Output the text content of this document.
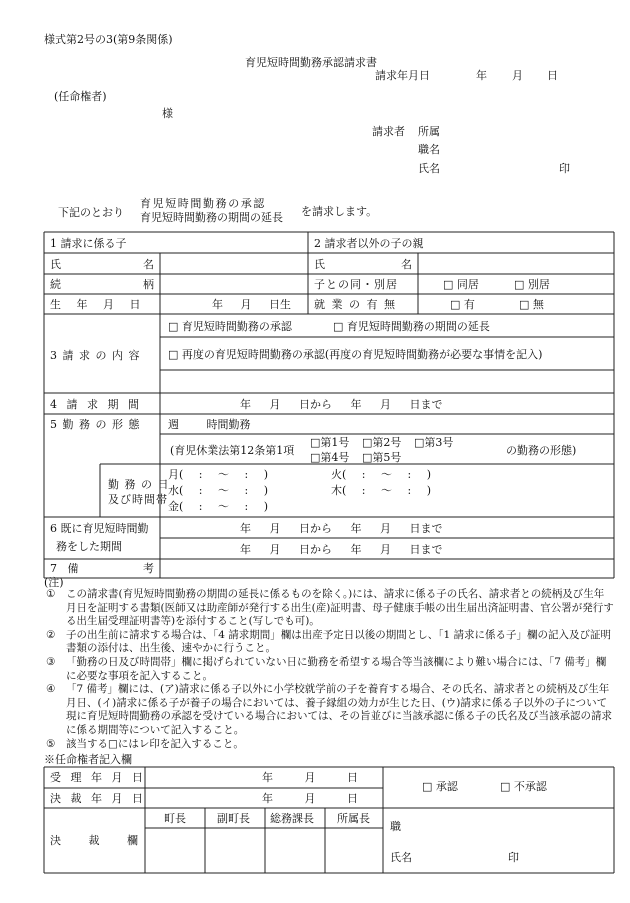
様式第2号の3(第9条関係)
育児短時間勤務承認請求書
請求年月日	年 月 日
(任命権者)
様
請求者 所属
職名
氏名	印
下記のとおり
育児短時間勤務の承認
育児短時間勤務の期間の延長 を請求します。
1 請求に係る子	2 請求者以外の子の親
氏	名	氏	名
続	柄	子との同・別居	□ 同居	□ 別居
生 年 月 日	年 月 日生 就 業 の 有 無	□ 有	□ 無
3 請 求 の 内 容
□ 育児短時間勤務の承認	□ 育児短時間勤務の期間の延長
□ 再度の育児短時間勤務の承認(再度の育児短時間勤務が必要な事情を記入)
4 請 求 期 間	年 月 日から 年 月 日まで
5 勤 務 の 形 態	週 時間勤務
(育児休業法第12条第1項
□第1号 □第2号 □第3号
□第4号 □第5号
の勤務の形態)
勤 務 の 日
及び時間帯
月( : 〜 : )	火( : 〜 : )
水( : 〜 : )	木( : 〜 : )
金( : 〜 : )
6 既に育児短時間勤
務をした期間
年 月 日から 年 月 日まで
年 月 日から 年 月 日まで
7   備	考
(注)
①	この請求書(育児短時間勤務の期間の延長に係るものを除く。)には、請求に係る子の氏名、請求者との続柄及び生年月日を証明する書類(医師又は助産師が発行する出生(産)証明書、母子健康手帳の出生届出済証明書、官公署が発行する出生届受理証明書等)を添付すること(写しでも可)。
②	子の出生前に請求する場合は、「4 請求期間」欄は出産予定日以後の期間とし、「1 請求に係る子」欄の記入及び証明書類の添付は、出生後、速やかに行うこと。
③	「勤務の日及び時間帯」欄に掲げられていない日に勤務を希望する場合等当該欄により難い場合には、「7 備考」欄に必要な事項を記入すること。
④	「7 備考」欄には、(ア)請求に係る子以外に小学校就学前の子を養育する場合、その氏名、請求者との続柄及び生年月日、(イ)請求に係る子が養子の場合においては、養子縁組の効力が生じた日、(ウ)請求に係る子以外の子について現に育児短時間勤務の承認を受けている場合においては、その旨並びに当該承認に係る子の氏名及び当該承認の請求に係る期間等について記入すること。
⑤	該当する□にはレ印を記入すること。
※任命権者記入欄
受 理 年 月 日	年 月 日
決 裁 年 月 日	年 月 日
□ 承認	□ 不承認
決 裁 欄
町長	副町長 総務課長 所属長
職
氏名	印
